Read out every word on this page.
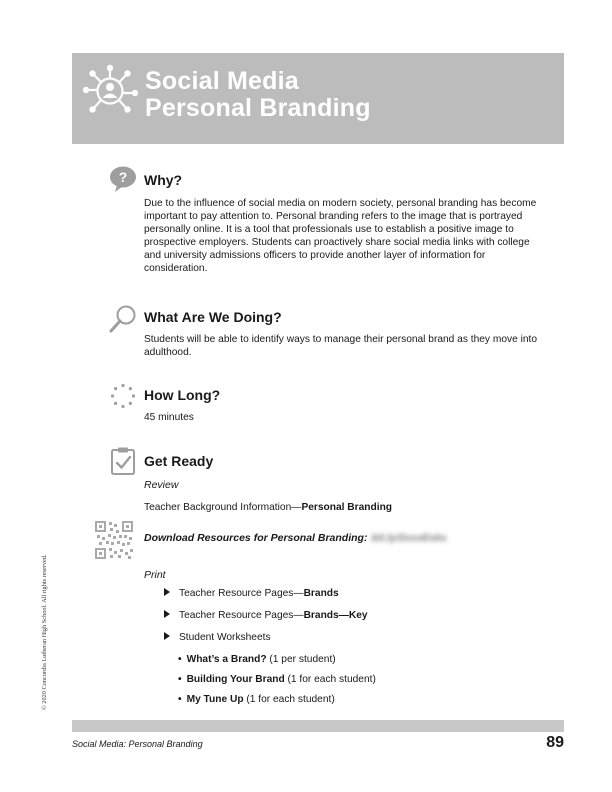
Social Media
Personal Branding
? Why?
Due to the influence of social media on modern society, personal branding has become important to pay attention to. Personal branding refers to the image that is portrayed personally online. It is a tool that professionals use to establish a positive image to prospective employers. Students can proactively share social media links with college and university admissions officers to provide another layer of information for consideration.
What Are We Doing?
Students will be able to identify ways to manage their personal brand as they move into adulthood.
How Long?
45 minutes
Get Ready
Review
Teacher Background Information—Personal Branding
Download Resources for Personal Branding: bit.ly/2xxxEsks
Print
Teacher Resource Pages—Brands
Teacher Resource Pages—Brands—Key
Student Worksheets
• What’s a Brand? (1 per student)
• Building Your Brand (1 for each student)
• My Tune Up (1 for each student)
© 2020 Concordia Lutheran High School. All rights reserved.
Social Media: Personal Branding	89
